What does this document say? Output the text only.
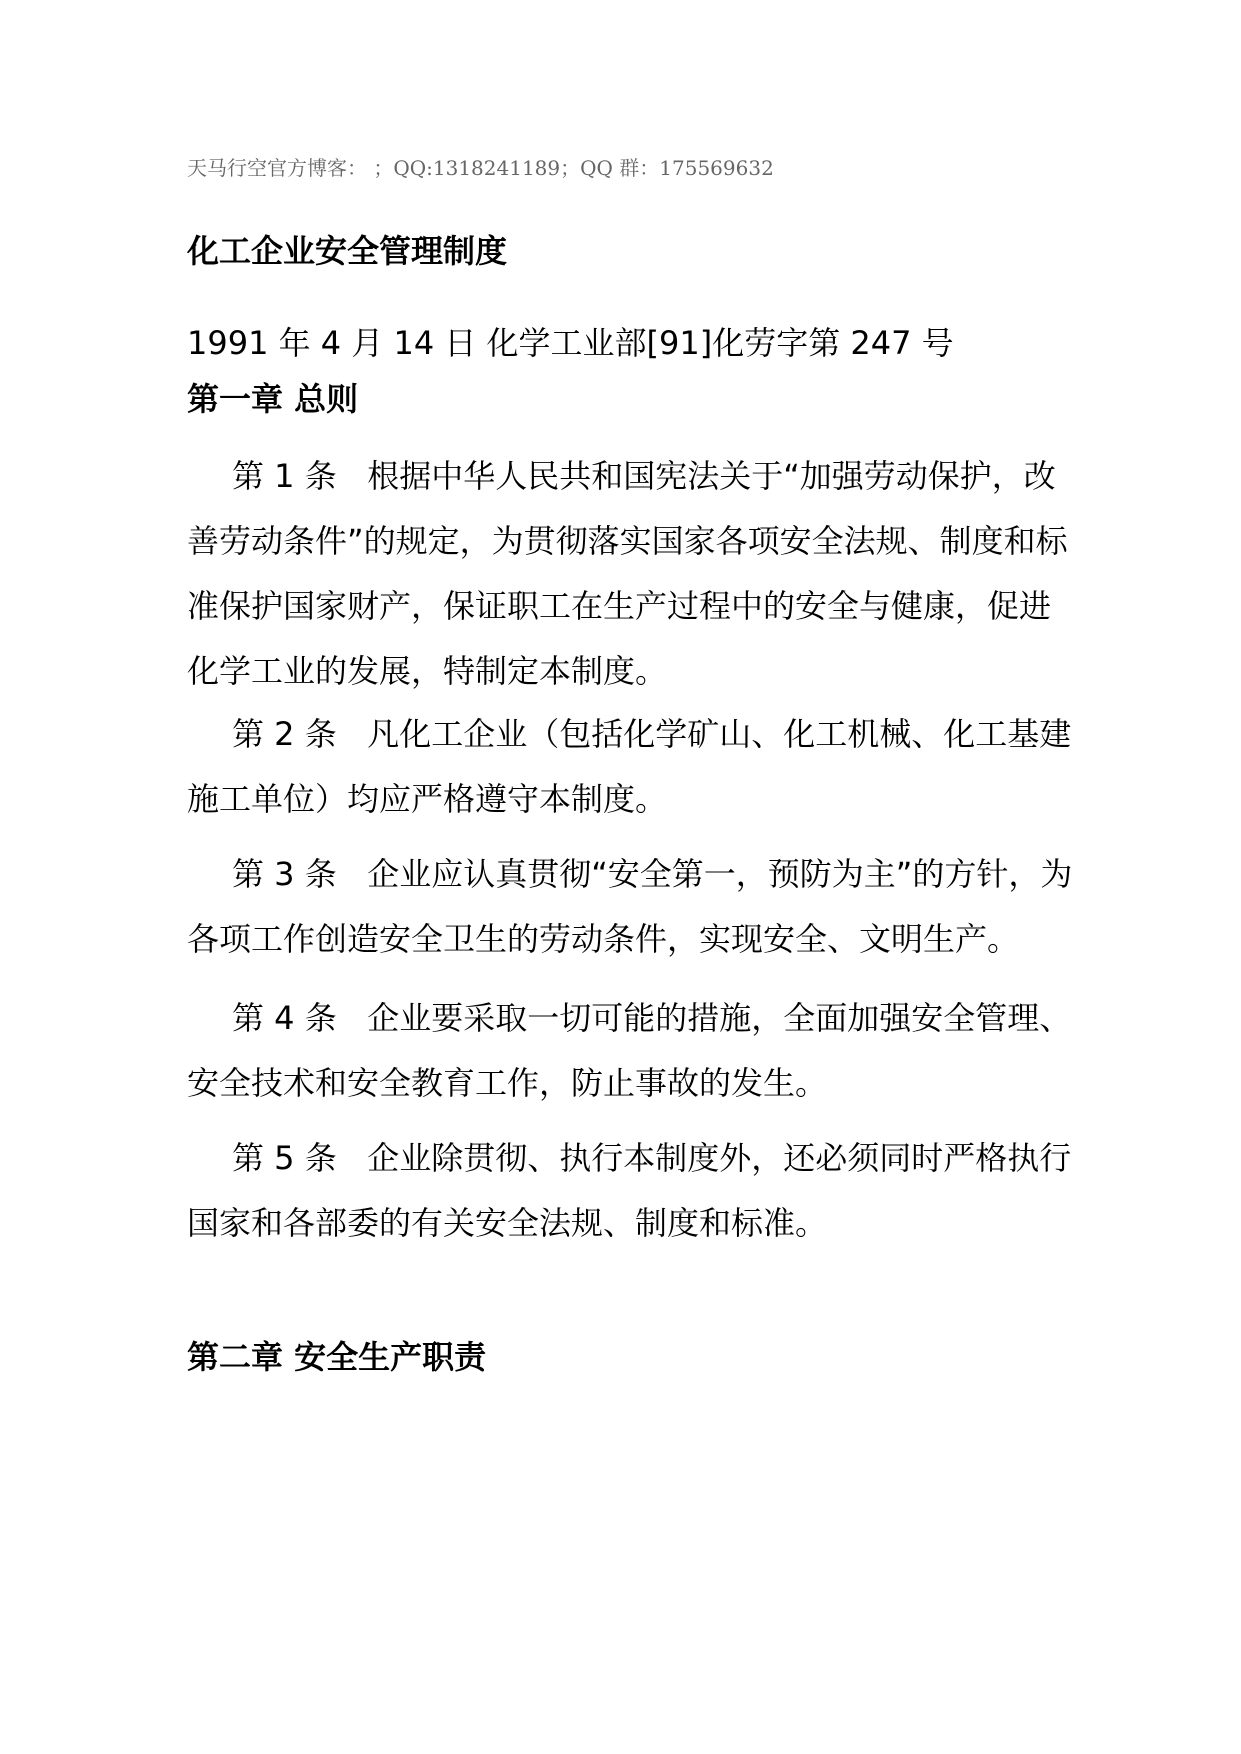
天马行空官方博客： ；QQ:1318241189；QQ 群：175569632
化工企业安全管理制度
1991 年 4 月 14 日 化学工业部[91]化劳字第 247 号
第一章 总则
第 1 条   根据中华人民共和国宪法关于“加强劳动保护，改善劳动条件”的规定，为贯彻落实国家各项安全法规、制度和标准保护国家财产，保证职工在生产过程中的安全与健康，促进化学工业的发展，特制定本制度。
第 2 条   凡化工企业（包括化学矿山、化工机械、化工基建施工单位）均应严格遵守本制度。
第 3 条   企业应认真贯彻“安全第一，预防为主”的方针，为各项工作创造安全卫生的劳动条件，实现安全、文明生产。
第 4 条   企业要采取一切可能的措施，全面加强安全管理、安全技术和安全教育工作，防止事故的发生。
第 5 条   企业除贯彻、执行本制度外，还必须同时严格执行国家和各部委的有关安全法规、制度和标准。
第二章 安全生产职责
